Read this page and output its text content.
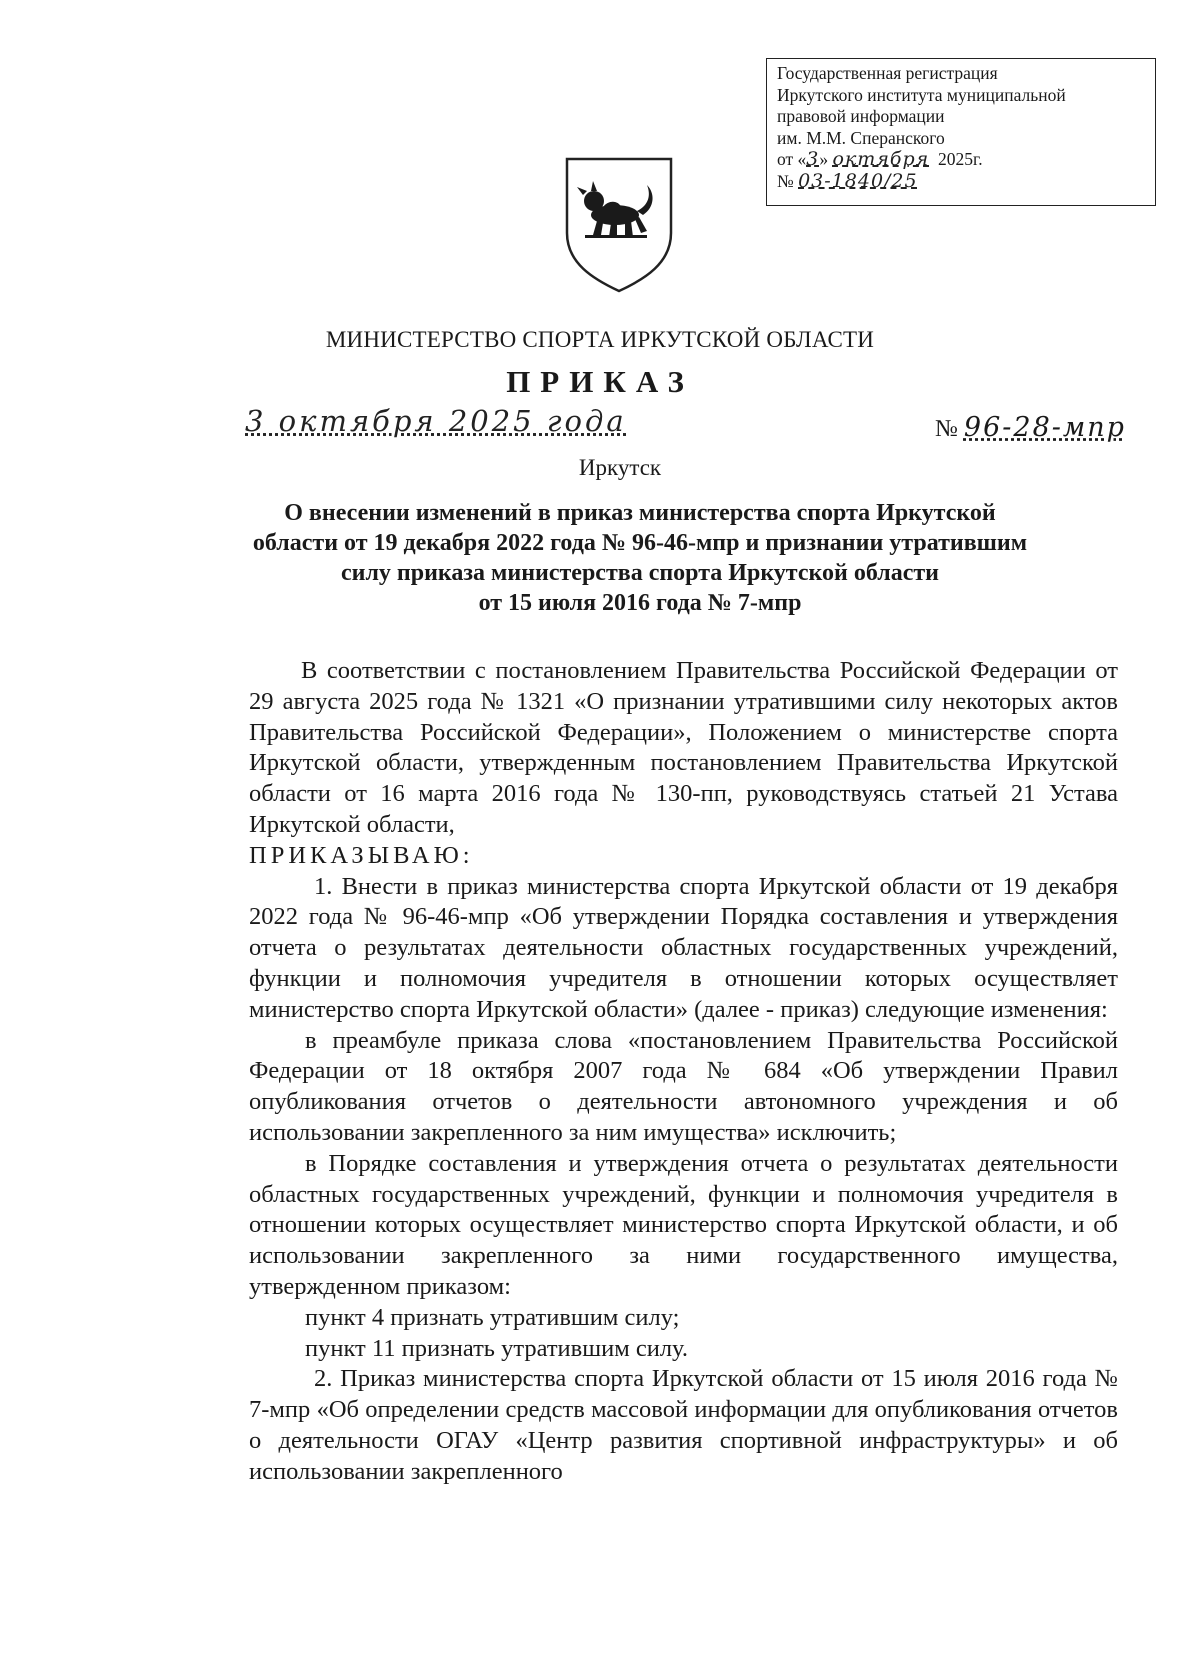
Государственная регистрация
Иркутского института муниципальной
правовой информации
им. М.М. Сперанского
от «3» октября 2025г.
№ 03-1840/25
МИНИСТЕРСТВО СПОРТА ИРКУТСКОЙ ОБЛАСТИ
ПРИКАЗ
3 октября 2025 года	№ 96-28-мпр
Иркутск
О внесении изменений в приказ министерства спорта Иркутской
области от 19 декабря 2022 года № 96-46-мпр и признании утратившим
силу приказа министерства спорта Иркутской области
от 15 июля 2016 года № 7-мпр

В соответствии с постановлением Правительства Российской Федерации от 29 августа 2025 года № 1321 «О признании утратившими силу некоторых актов Правительства Российской Федерации», Положением о министерстве спорта Иркутской области, утвержденным постановлением Правительства Иркутской области от 16 марта 2016 года № 130-пп, руководствуясь статьей 21 Устава Иркутской области,

ПРИКАЗЫВАЮ:

1. Внести в приказ министерства спорта Иркутской области от 19 декабря 2022 года № 96-46-мпр «Об утверждении Порядка составления и утверждения отчета о результатах деятельности областных государственных учреждений, функции и полномочия учредителя в отношении которых осуществляет министерство спорта Иркутской области» (далее - приказ) следующие изменения:

в преамбуле приказа слова «постановлением Правительства Российской Федерации от 18 октября 2007 года № 684 «Об утверждении Правил опубликования отчетов о деятельности автономного учреждения и об использовании закрепленного за ним имущества» исключить;

в Порядке составления и утверждения отчета о результатах деятельности областных государственных учреждений, функции и полномочия учредителя в отношении которых осуществляет министерство спорта Иркутской области, и об использовании закрепленного за ними государственного имущества, утвержденном приказом:

пункт 4 признать утратившим силу;

пункт 11 признать утратившим силу.

2. Приказ министерства спорта Иркутской области от 15 июля 2016 года № 7-мпр «Об определении средств массовой информации для опубликования отчетов о деятельности ОГАУ «Центр развития спортивной инфраструктуры» и об использовании закрепленного
